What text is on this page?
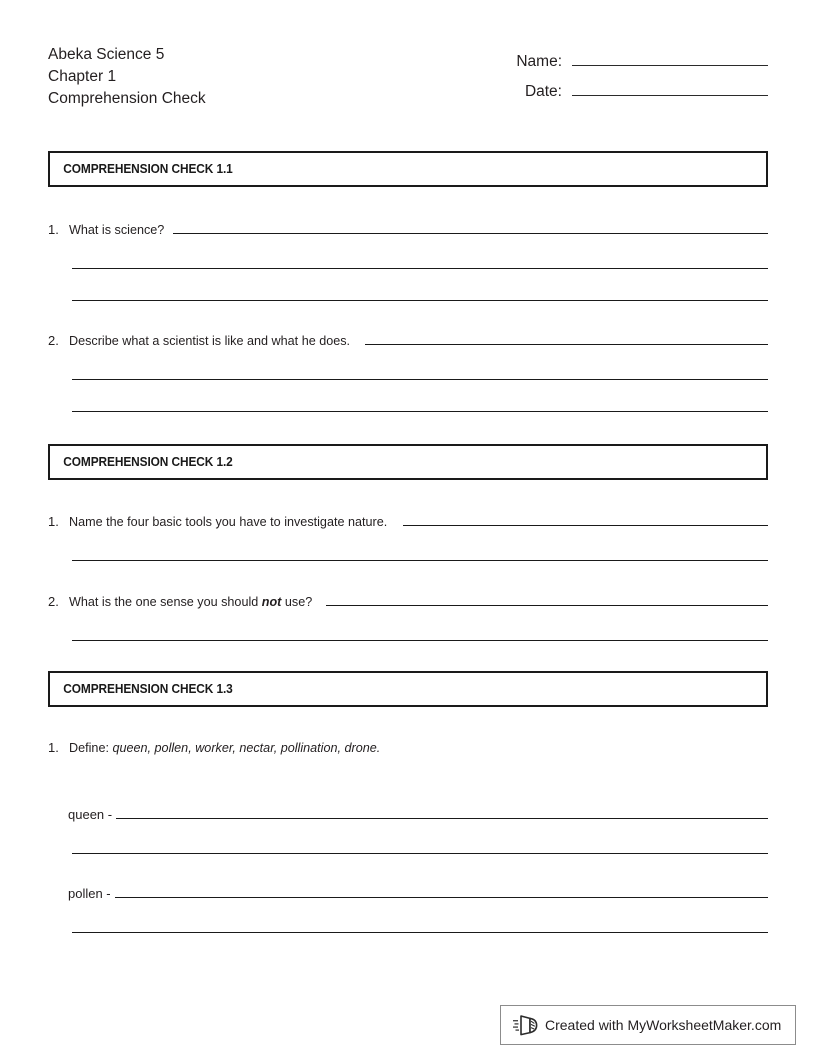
Abeka Science 5
Chapter 1
Comprehension Check
Name:
Date:
COMPREHENSION CHECK 1.1
1. What is science?
2. Describe what a scientist is like and what he does.
COMPREHENSION CHECK 1.2
1. Name the four basic tools you have to investigate nature.
2. What is the one sense you should not use?
COMPREHENSION CHECK 1.3
1. Define: queen, pollen, worker, nectar, pollination, drone.
queen -
pollen -
Created with MyWorksheetMaker.com
